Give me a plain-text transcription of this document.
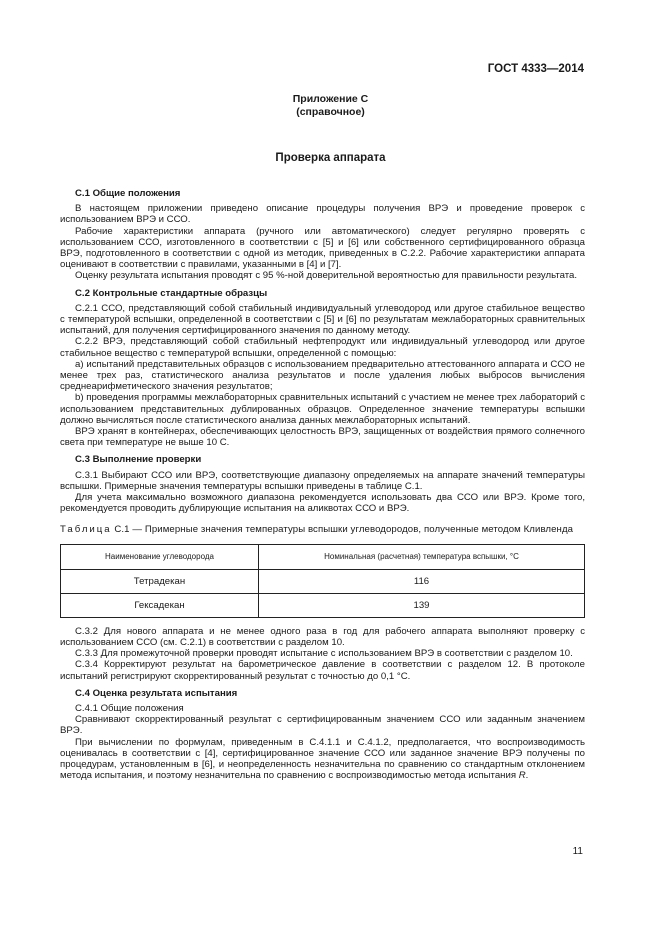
ГОСТ 4333—2014
Приложение С
(справочное)
Проверка аппарата
С.1 Общие положения

В настоящем приложении приведено описание процедуры получения ВРЭ и проведение проверок с использованием ВРЭ и ССО.

Рабочие характеристики аппарата (ручного или автоматического) следует регулярно проверять с использованием ССО, изготовленного в соответствии с [5] и [6] или собственного сертифицированного образца ВРЭ, подготовленного в соответствии с одной из методик, приведенных в С.2.2. Рабочие характеристики аппарата оценивают в соответствии с правилами, указанными в [4] и [7].

Оценку результата испытания проводят с 95 %-ной доверительной вероятностью для правильности результата.

С.2 Контрольные стандартные образцы

С.2.1 ССО, представляющий собой стабильный индивидуальный углеводород или другое стабильное вещество с температурой вспышки, определенной в соответствии с [5] и [6] по результатам межлабораторных сравнительных испытаний, для получения сертифицированного значения по данному методу.

С.2.2 ВРЭ, представляющий собой стабильный нефтепродукт или индивидуальный углеводород или другое стабильное вещество с температурой вспышки, определенной с помощью:

а) испытаний представительных образцов с использованием предварительно аттестованного аппарата и ССО не менее трех раз, статистического анализа результатов и после удаления любых выбросов вычисления среднеарифметического значения результатов;

b) проведения программы межлабораторных сравнительных испытаний с участием не менее трех лабораторий с использованием представительных дублированных образцов. Определенное значение температуры вспышки должно вычисляться после статистического анализа данных межлабораторных испытаний.

ВРЭ хранят в контейнерах, обеспечивающих целостность ВРЭ, защищенных от воздействия прямого солнечного света при температуре не выше 10 С.

С.3 Выполнение проверки

С.3.1 Выбирают ССО или ВРЭ, соответствующие диапазону определяемых на аппарате значений температуры вспышки. Примерные значения температуры вспышки приведены в таблице С.1.

Для учета максимально возможного диапазона рекомендуется использовать два ССО или ВРЭ. Кроме того, рекомендуется проводить дублирующие испытания на аликвотах ССО и ВРЭ.

Таблица С.1 — Примерные значения температуры вспышки углеводородов, полученные методом Кливленда

Наименование углеводорода	Номинальная (расчетная) температура вспышки, °С
Тетрадекан	116
Гексадекан	139

С.3.2 Для нового аппарата и не менее одного раза в год для рабочего аппарата выполняют проверку с использованием ССО (см. С.2.1) в соответствии с разделом 10.

С.3.3 Для промежуточной проверки проводят испытание с использованием ВРЭ в соответствии с разделом 10.

С.3.4 Корректируют результат на барометрическое давление в соответствии с разделом 12. В протоколе испытаний регистрируют скорректированный результат с точностью до 0,1 °С.

С.4 Оценка результата испытания

С.4.1 Общие положения

Сравнивают скорректированный результат с сертифицированным значением ССО или заданным значением ВРЭ.

При вычислении по формулам, приведенным в С.4.1.1 и С.4.1.2, предполагается, что воспроизводимость оценивалась в соответствии с [4], сертифицированное значение ССО или заданное значение ВРЭ получены по процедурам, установленным в [6], и неопределенность незначительна по сравнению со стандартным отклонением метода испытания, и поэтому незначительна по сравнению с воспроизводимостью метода испытания R.

11
